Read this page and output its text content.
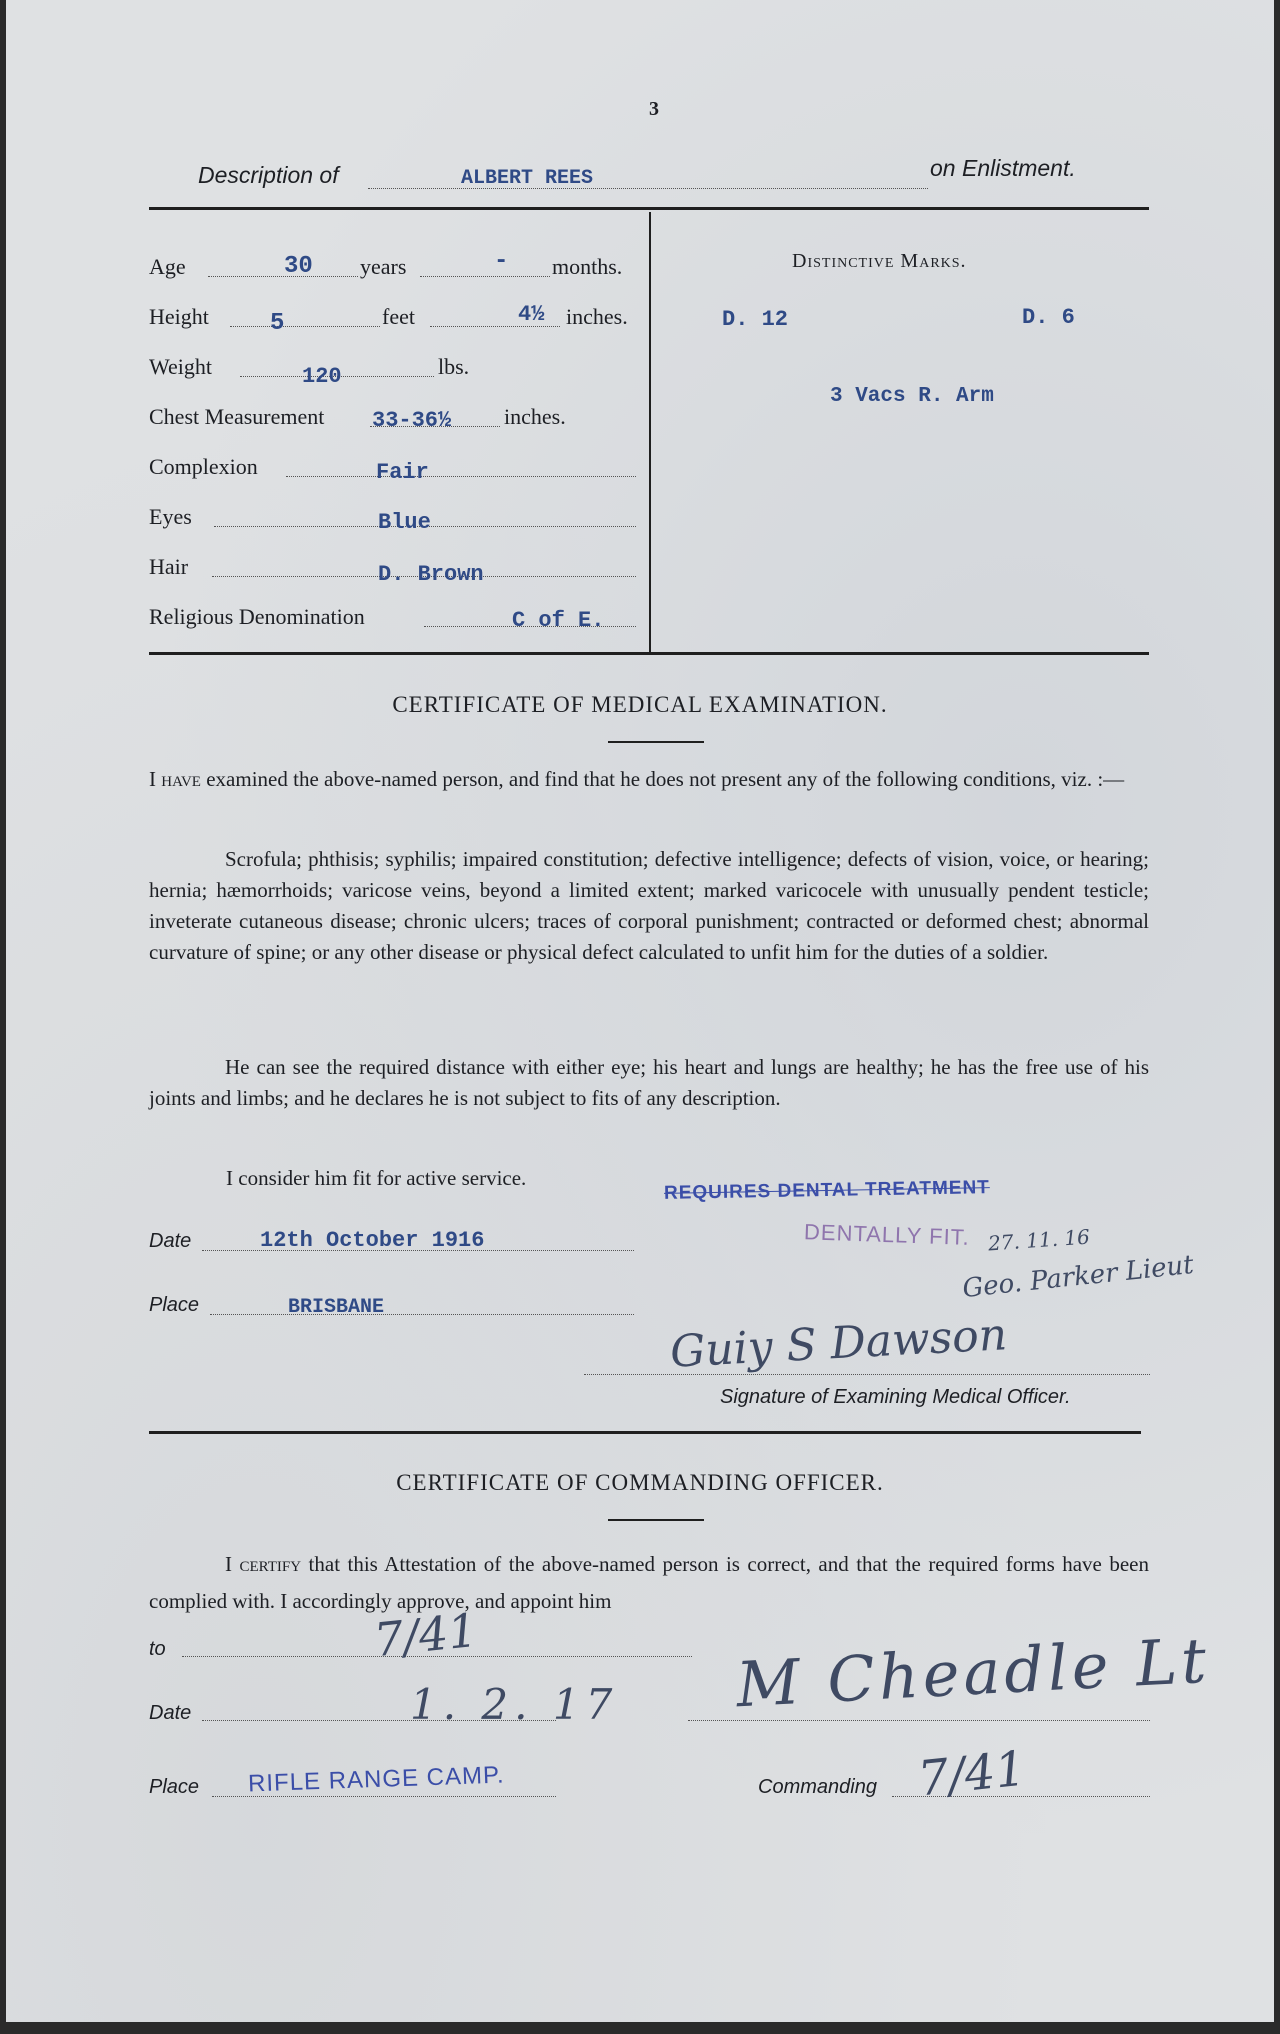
3
Description of	ALBERT REES	on Enlistment.
Age	30 years	- months.
Height	5	feet	4½ inches.
Weight	120	lbs.
Chest Measurement 33-36½ inches.
Complexion	Fair
Eyes	Blue
Hair	D. Brown
Religious Denomination	C of E.
Distinctive Marks.
D. 12	D. 6
3 Vacs R. Arm
CERTIFICATE OF MEDICAL EXAMINATION.
I have examined the above-named person, and find that he does not present any of the following conditions, viz. :—
Scrofula; phthisis; syphilis; impaired constitution; defective intelligence; defects of vision, voice, or hearing; hernia; hæmorrhoids; varicose veins, beyond a limited extent; marked varicocele with unusually pendent testicle; inveterate cutaneous disease; chronic ulcers; traces of corporal punishment; contracted or deformed chest; abnormal curvature of spine; or any other disease or physical defect calculated to unfit him for the duties of a soldier.
He can see the required distance with either eye; his heart and lungs are healthy; he has the free use of his joints and limbs; and he declares he is not subject to fits of any description.
I consider him fit for active service.	REQUIRES DENTAL TREATMENT
DENTALLY FIT. 27. 11. 16
Geo. Parker Lieut
Date	12th October 1916
Place	BRISBANE
Guiy S Dawson
Signature of Examining Medical Officer.
CERTIFICATE OF COMMANDING OFFICER.
I certify that this Attestation of the above-named person is correct, and that the required forms have been complied with. I accordingly approve, and appoint him
to	7/41
Date	1. 2. 17 M Cheadle Lt
Place RIFLE RANGE CAMP.	Commanding 7/41
